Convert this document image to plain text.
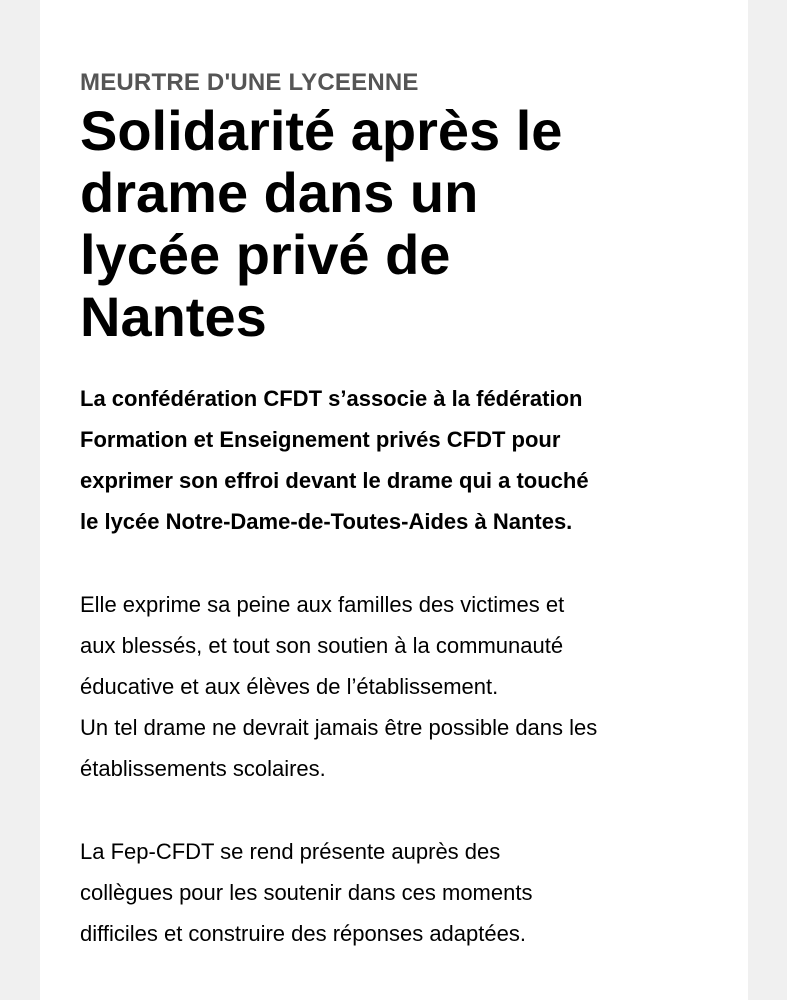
MEURTRE D'UNE LYCEENNE

Solidarité après le
drame dans un
lycée privé de
Nantes

La confédération CFDT s’associe à la fédération
Formation et Enseignement privés CFDT pour
exprimer son effroi devant le drame qui a touché
le lycée Notre-Dame-de-Toutes-Aides à Nantes.

Elle exprime sa peine aux familles des victimes et
aux blessés, et tout son soutien à la communauté
éducative et aux élèves de l’établissement.
Un tel drame ne devrait jamais être possible dans les
établissements scolaires.

La Fep-CFDT se rend présente auprès des
collègues pour les soutenir dans ces moments
difficiles et construire des réponses adaptées.
